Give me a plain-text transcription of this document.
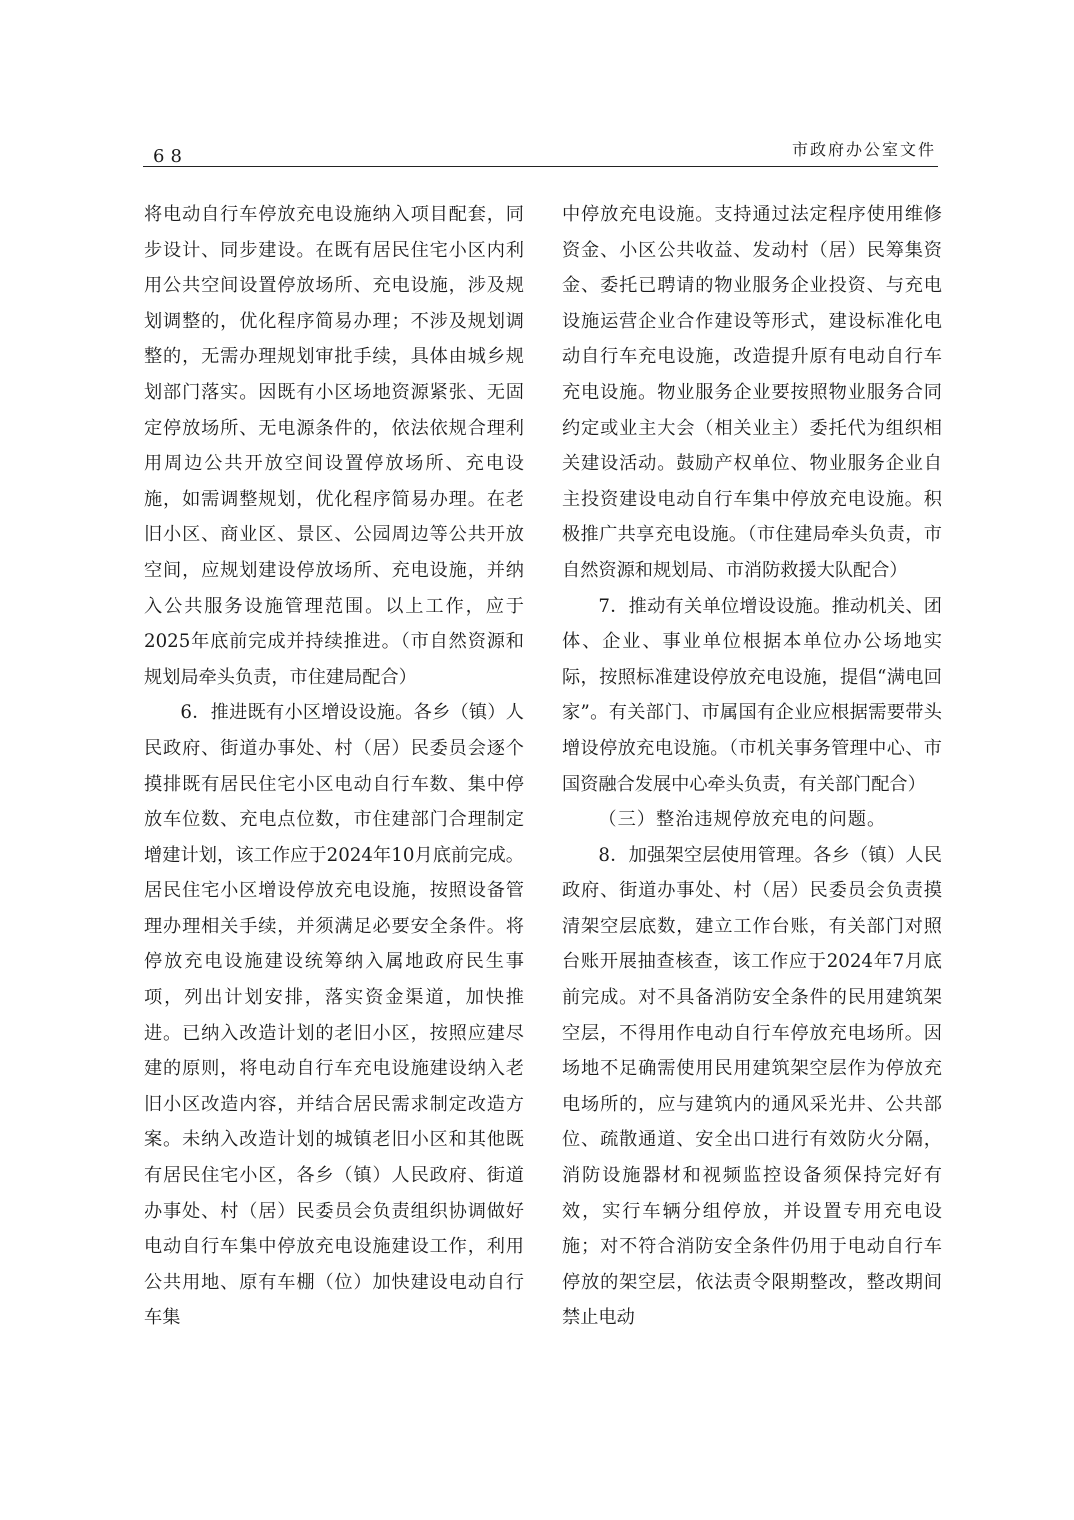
68	市政府办公室文件

将电动自行车停放充电设施纳入项目配套，同步设计、同步建设。在既有居民住宅小区内利用公共空间设置停放场所、充电设施，涉及规划调整的，优化程序简易办理；不涉及规划调整的，无需办理规划审批手续，具体由城乡规划部门落实。因既有小区场地资源紧张、无固定停放场所、无电源条件的，依法依规合理利用周边公共开放空间设置停放场所、充电设施，如需调整规划，优化程序简易办理。在老旧小区、商业区、景区、公园周边等公共开放空间，应规划建设停放场所、充电设施，并纳入公共服务设施管理范围。以上工作，应于2025年底前完成并持续推进。（市自然资源和规划局牵头负责，市住建局配合）

6．推进既有小区增设设施。各乡（镇）人民政府、街道办事处、村（居）民委员会逐个摸排既有居民住宅小区电动自行车数、集中停放车位数、充电点位数，市住建部门合理制定增建计划，该工作应于2024年10月底前完成。居民住宅小区增设停放充电设施，按照设备管理办理相关手续，并须满足必要安全条件。将停放充电设施建设统筹纳入属地政府民生事项，列出计划安排，落实资金渠道，加快推进。已纳入改造计划的老旧小区，按照应建尽建的原则，将电动自行车充电设施建设纳入老旧小区改造内容，并结合居民需求制定改造方案。未纳入改造计划的城镇老旧小区和其他既有居民住宅小区，各乡（镇）人民政府、街道办事处、村（居）民委员会负责组织协调做好电动自行车集中停放充电设施建设工作，利用公共用地、原有车棚（位）加快建设电动自行车集

中停放充电设施。支持通过法定程序使用维修资金、小区公共收益、发动村（居）民筹集资金、委托已聘请的物业服务企业投资、与充电设施运营企业合作建设等形式，建设标准化电动自行车充电设施，改造提升原有电动自行车充电设施。物业服务企业要按照物业服务合同约定或业主大会（相关业主）委托代为组织相关建设活动。鼓励产权单位、物业服务企业自主投资建设电动自行车集中停放充电设施。积极推广共享充电设施。（市住建局牵头负责，市自然资源和规划局、市消防救援大队配合）

7．推动有关单位增设设施。推动机关、团体、企业、事业单位根据本单位办公场地实际，按照标准建设停放充电设施，提倡“满电回家”。有关部门、市属国有企业应根据需要带头增设停放充电设施。（市机关事务管理中心、市国资融合发展中心牵头负责，有关部门配合）

（三）整治违规停放充电的问题。

8．加强架空层使用管理。各乡（镇）人民政府、街道办事处、村（居）民委员会负责摸清架空层底数，建立工作台账，有关部门对照台账开展抽查核查，该工作应于2024年7月底前完成。对不具备消防安全条件的民用建筑架空层，不得用作电动自行车停放充电场所。因场地不足确需使用民用建筑架空层作为停放充电场所的，应与建筑内的通风采光井、公共部位、疏散通道、安全出口进行有效防火分隔，消防设施器材和视频监控设备须保持完好有效，实行车辆分组停放，并设置专用充电设施；对不符合消防安全条件仍用于电动自行车停放的架空层，依法责令限期整改，整改期间禁止电动
